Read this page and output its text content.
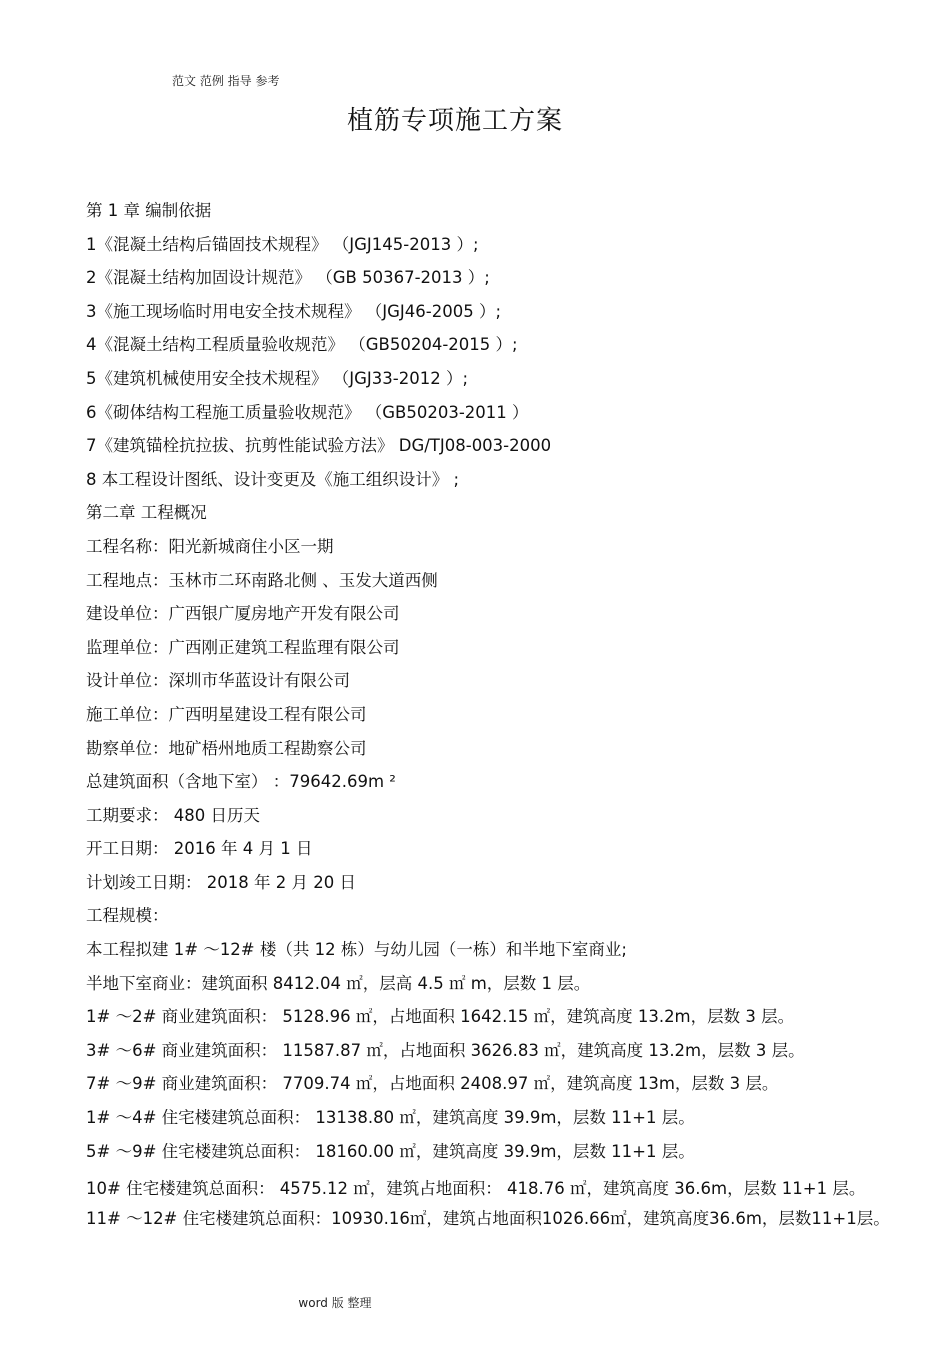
范文 范例 指导 参考
植筋专项施工方案
第 1 章 编制依据
1《混凝土结构后锚固技术规程》 （JGJ145-2013 ）;
2《混凝土结构加固设计规范》 （GB 50367-2013 ）;
3《施工现场临时用电安全技术规程》 （JGJ46-2005 ）;
4《混凝土结构工程质量验收规范》 （GB50204-2015 ）;
5《建筑机械使用安全技术规程》 （JGJ33-2012 ）;
6《砌体结构工程施工质量验收规范》 （GB50203-2011 ）
7《建筑锚栓抗拉拔、抗剪性能试验方法》 DG/TJ08-003-2000
8 本工程设计图纸、设计变更及《施工组织设计》 ;
第二章 工程概况
工程名称：阳光新城商住小区一期
工程地点：玉林市二环南路北侧 、玉发大道西侧
建设单位：广西银广厦房地产开发有限公司
监理单位：广西刚正建筑工程监理有限公司
设计单位：深圳市华蓝设计有限公司
施工单位：广西明星建设工程有限公司
勘察单位：地矿梧州地质工程勘察公司
总建筑面积（含地下室） ：79642.69m ²
工期要求： 480 日历天
开工日期： 2016 年 4 月 1 日
计划竣工日期： 2018 年 2 月 20 日
工程规模：
本工程拟建 1# ～12# 楼（共 12 栋）与幼儿园（一栋）和半地下室商业;
半地下室商业：建筑面积 8412.04 ㎡，层高 4.5 ㎡ m，层数 1 层。
1# ～2# 商业建筑面积： 5128.96 ㎡，占地面积 1642.15 ㎡，建筑高度 13.2m，层数 3 层。
3# ～6# 商业建筑面积： 11587.87 ㎡，占地面积 3626.83 ㎡，建筑高度 13.2m，层数 3 层。
7# ～9# 商业建筑面积： 7709.74 ㎡，占地面积 2408.97 ㎡，建筑高度 13m，层数 3 层。
1# ～4# 住宅楼建筑总面积： 13138.80 ㎡，建筑高度 39.9m，层数 11+1 层。
5# ～9# 住宅楼建筑总面积： 18160.00 ㎡，建筑高度 39.9m，层数 11+1 层。
10# 住宅楼建筑总面积： 4575.12 ㎡，建筑占地面积： 418.76 ㎡，建筑高度 36.6m，层数 11+1 层。
11# ～12# 住宅楼建筑总面积：10930.16㎡，建筑占地面积1026.66㎡，建筑高度36.6m，层数11+1层。
word 版 整理
